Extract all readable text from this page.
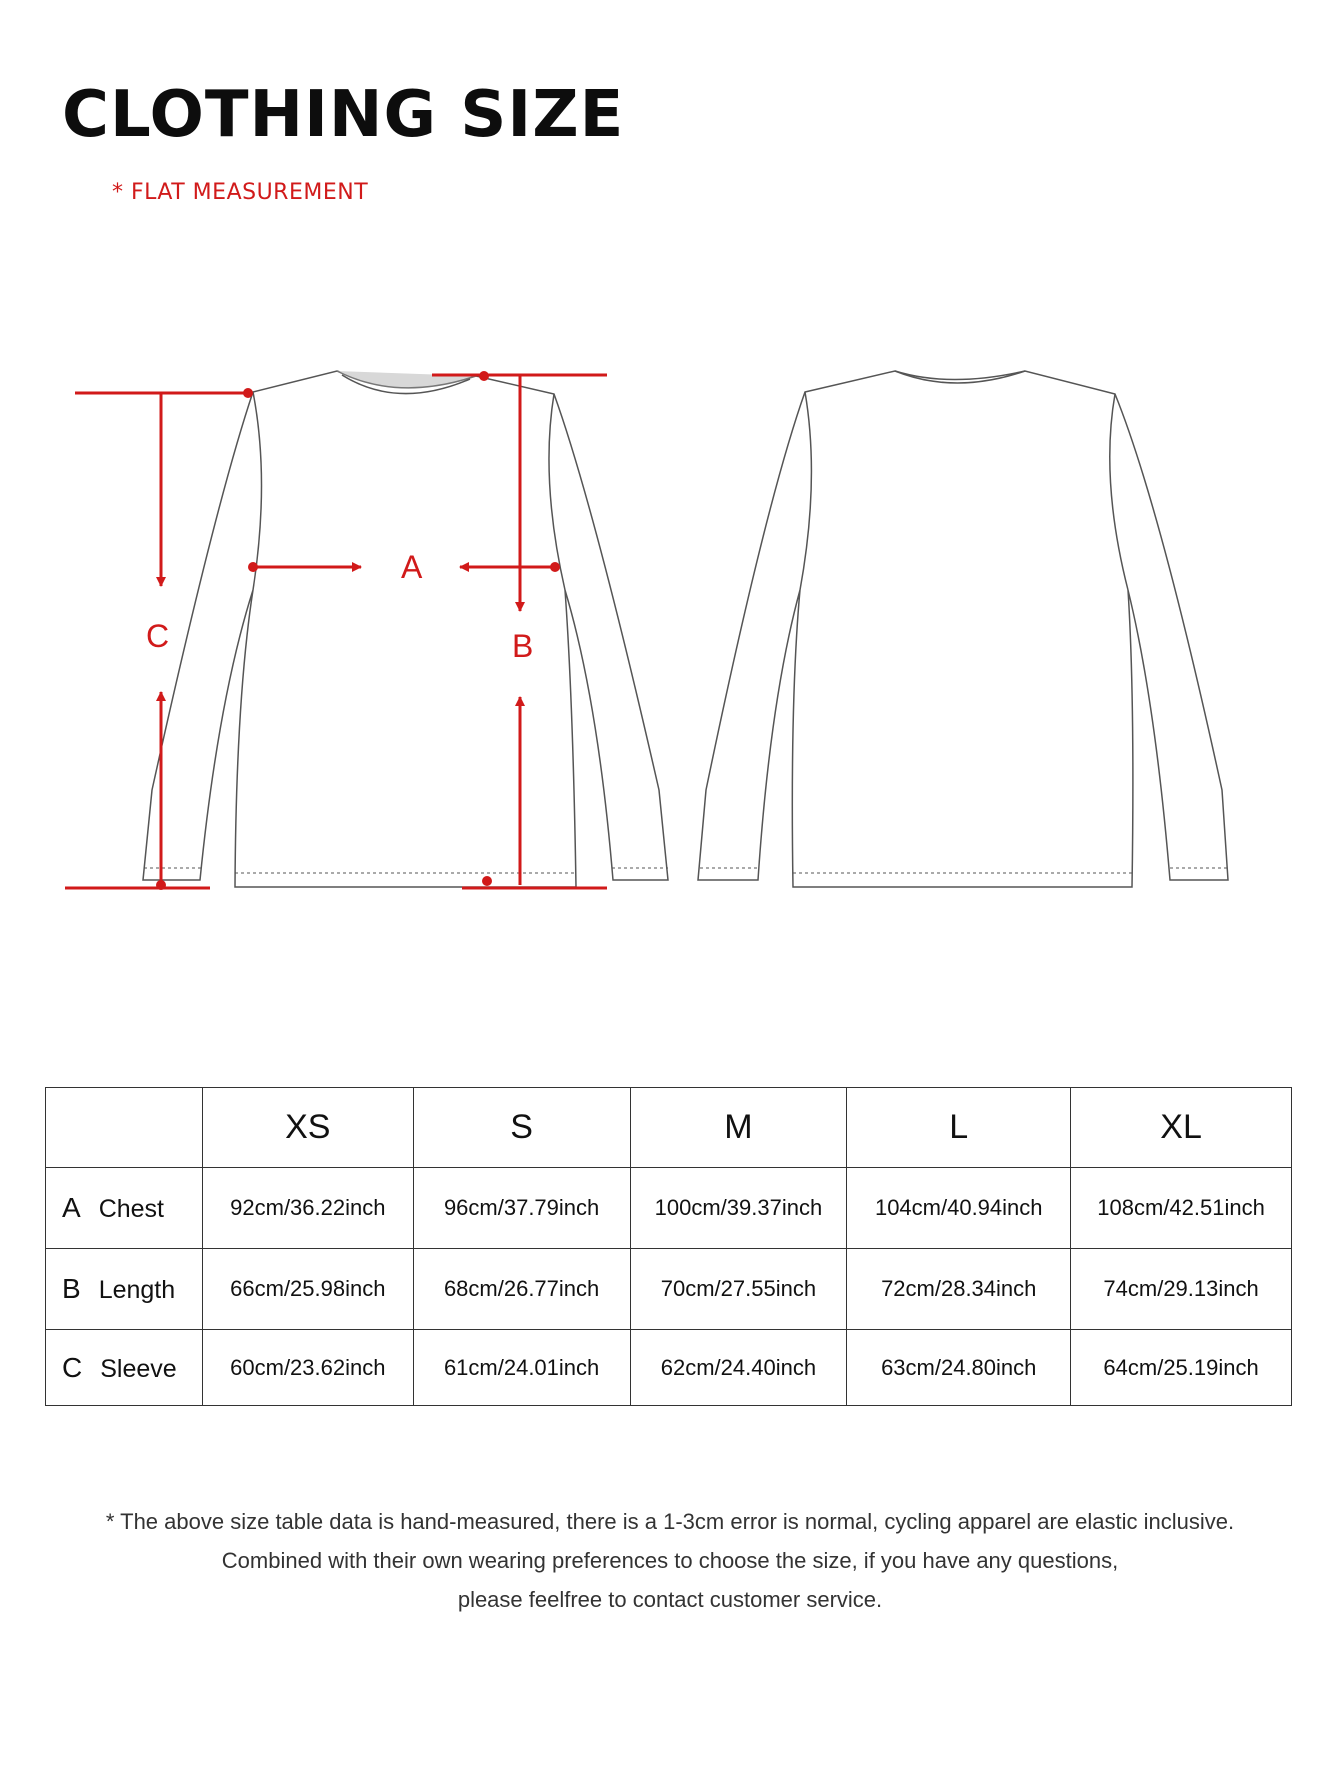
CLOTHING SIZE
* FLAT MEASUREMENT
A
B
C
	XS	S	M	L	XL
A Chest	92cm/36.22inch	96cm/37.79inch	100cm/39.37inch	104cm/40.94inch	108cm/42.51inch
B Length	66cm/25.98inch	68cm/26.77inch	70cm/27.55inch	72cm/28.34inch	74cm/29.13inch
C Sleeve	60cm/23.62inch	61cm/24.01inch	62cm/24.40inch	63cm/24.80inch	64cm/25.19inch

* The above size table data is hand-measured, there is a 1-3cm error is normal, cycling apparel are elastic inclusive.

Combined with their own wearing preferences to choose the size, if you have any questions,

please feelfree to contact customer service.
